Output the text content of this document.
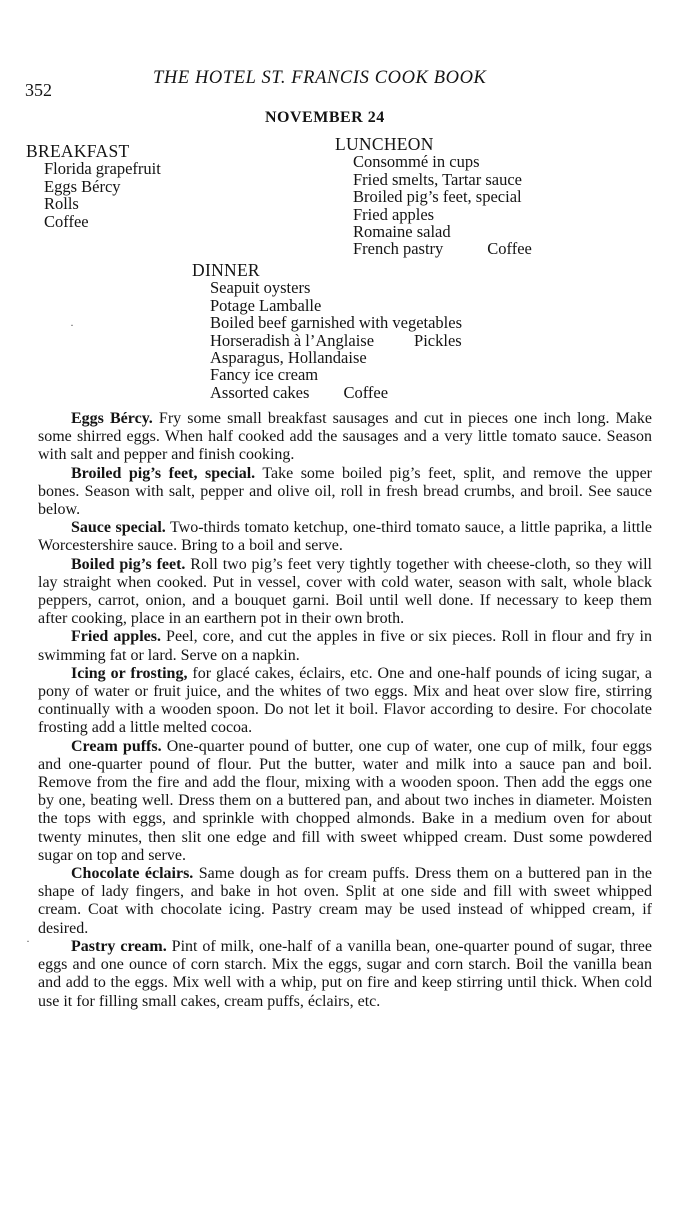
352
THE HOTEL ST. FRANCIS COOK BOOK
NOVEMBER 24
BREAKFAST
Florida grapefruit
Eggs Bércy
Rolls
Coffee
LUNCHEON
Consommé in cups
Fried smelts, Tartar sauce
Broiled pig’s feet, special
Fried apples
Romaine salad
French pastry	Coffee
DINNER
Seapuit oysters
Potage Lamballe
Boiled beef garnished with vegetables
Horseradish à l’Anglaise Pickles
Asparagus, Hollandaise
Fancy ice cream
Assorted cakes Coffee
·
·

Eggs Bércy. Fry some small breakfast sausages and cut in pieces one inch long. Make some shirred eggs. When half cooked add the sausages and a very little tomato sauce. Season with salt and pepper and finish cooking.

Broiled pig’s feet, special. Take some boiled pig’s feet, split, and remove the upper bones. Season with salt, pepper and olive oil, roll in fresh bread crumbs, and broil. See sauce below.

Sauce special. Two-thirds tomato ketchup, one-third tomato sauce, a little paprika, a little Worcestershire sauce. Bring to a boil and serve.

Boiled pig’s feet. Roll two pig’s feet very tightly together with cheese-cloth, so they will lay straight when cooked. Put in vessel, cover with cold water, season with salt, whole black peppers, carrot, onion, and a bouquet garni. Boil until well done. If necessary to keep them after cooking, place in an earthern pot in their own broth.

Fried apples. Peel, core, and cut the apples in five or six pieces. Roll in flour and fry in swimming fat or lard. Serve on a napkin.

Icing or frosting, for glacé cakes, éclairs, etc. One and one-half pounds of icing sugar, a pony of water or fruit juice, and the whites of two eggs. Mix and heat over slow fire, stirring continually with a wooden spoon. Do not let it boil. Flavor according to desire. For chocolate frosting add a little melted cocoa.

Cream puffs. One-quarter pound of butter, one cup of water, one cup of milk, four eggs and one-quarter pound of flour. Put the butter, water and milk into a sauce pan and boil. Remove from the fire and add the flour, mixing with a wooden spoon. Then add the eggs one by one, beating well. Dress them on a buttered pan, and about two inches in diameter. Moisten the tops with eggs, and sprinkle with chopped almonds. Bake in a medium oven for about twenty minutes, then slit one edge and fill with sweet whipped cream. Dust some powdered sugar on top and serve.

Chocolate éclairs. Same dough as for cream puffs. Dress them on a buttered pan in the shape of lady fingers, and bake in hot oven. Split at one side and fill with sweet whipped cream. Coat with chocolate icing. Pastry cream may be used instead of whipped cream, if desired.

Pastry cream. Pint of milk, one-half of a vanilla bean, one-quarter pound of sugar, three eggs and one ounce of corn starch. Mix the eggs, sugar and corn starch. Boil the vanilla bean and add to the eggs. Mix well with a whip, put on fire and keep stirring until thick. When cold use it for filling small cakes, cream puffs, éclairs, etc.
